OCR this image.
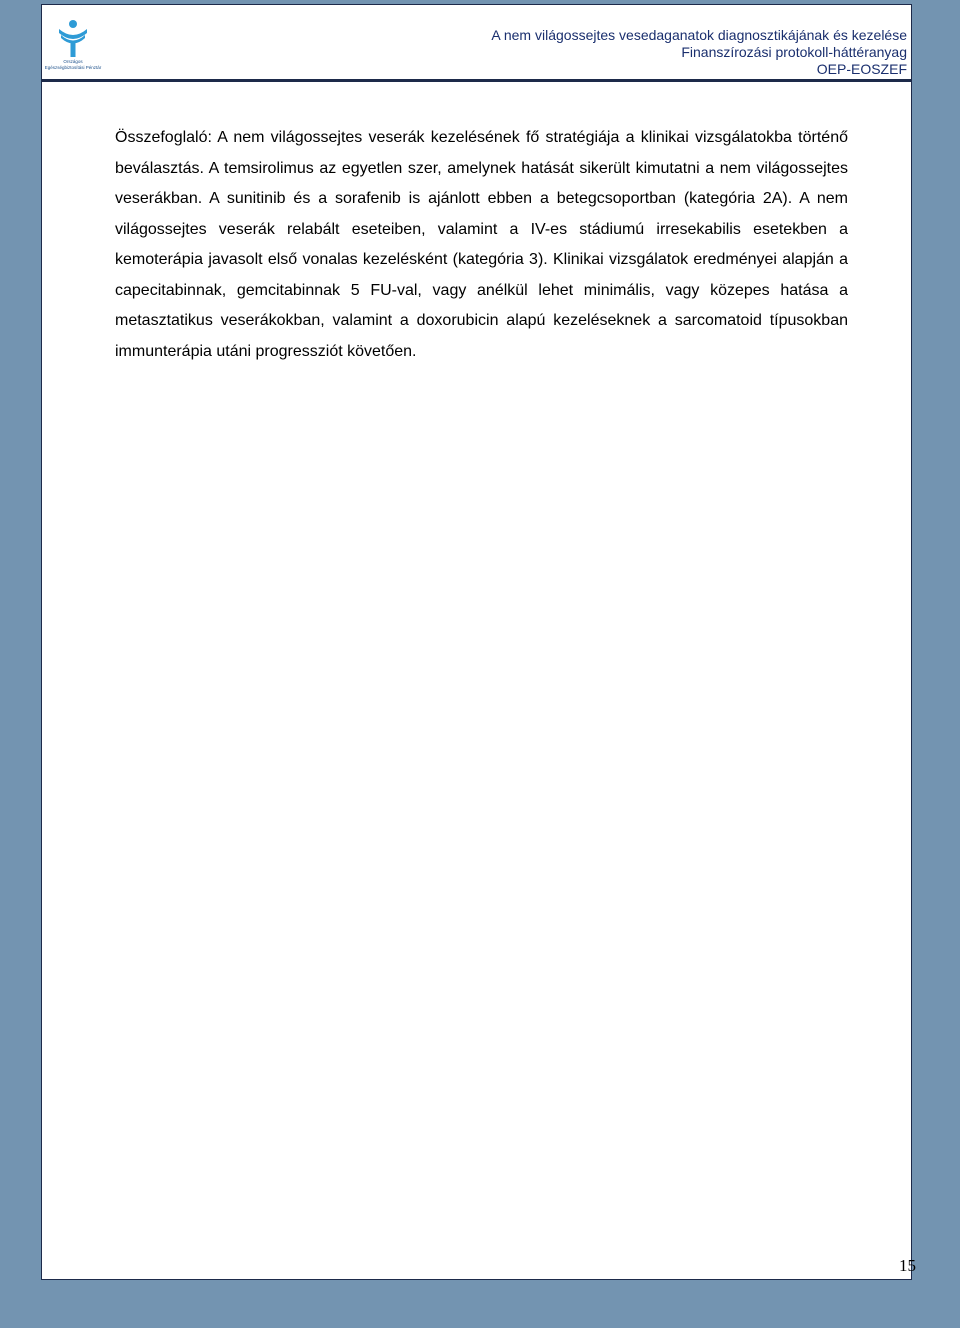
Országos Egészségbiztosítási Pénztár
A nem világossejtes vesedaganatok diagnosztikájának és kezelése
Finanszírozási protokoll-háttéranyag
OEP-EOSZEF

Összefoglaló: A nem világossejtes veserák kezelésének fő stratégiája a klinikai vizsgálatokba történő beválasztás. A temsirolimus az egyetlen szer, amelynek hatását sikerült kimutatni a nem világossejtes veserákban. A sunitinib és a sorafenib is ajánlott ebben a betegcsoportban (kategória 2A). A nem világossejtes veserák relabált eseteiben, valamint a IV-es stádiumú irresekabilis esetekben a kemoterápia javasolt első vonalas kezelésként (kategória 3). Klinikai vizsgálatok eredményei alapján a capecitabinnak, gemcitabinnak 5 FU-val, vagy anélkül lehet minimális, vagy közepes hatása a metasztatikus veserákokban, valamint a doxorubicin alapú kezeléseknek a sarcomatoid típusokban immunterápia utáni progressziót követően.

15
